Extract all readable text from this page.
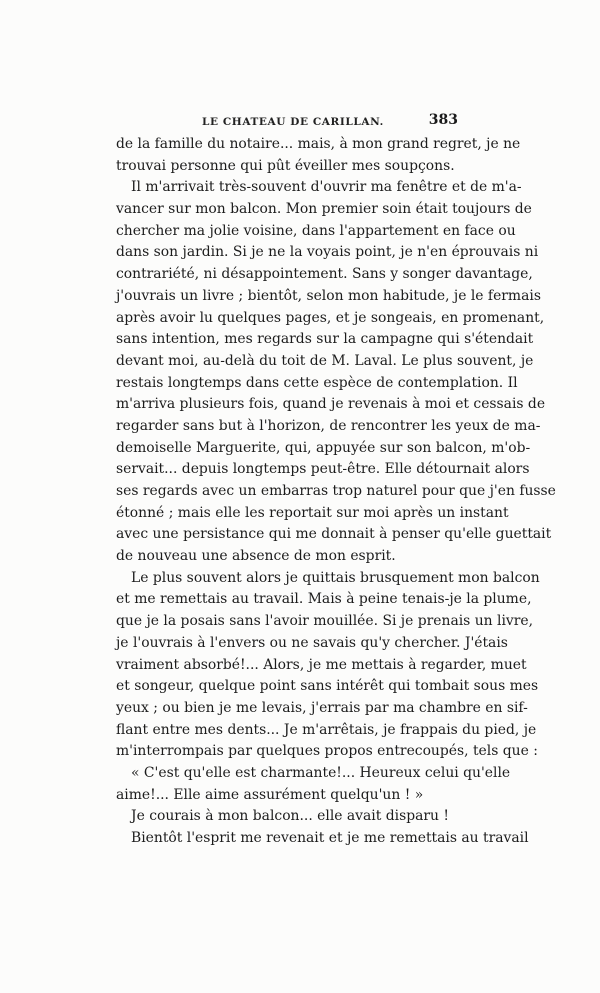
LE CHATEAU DE CARILLAN.	383
de la famille du notaire... mais, à mon grand regret, je ne
trouvai personne qui pût éveiller mes soupçons.
Il m'arrivait très-souvent d'ouvrir ma fenêtre et de m'a-
vancer sur mon balcon. Mon premier soin était toujours de
chercher ma jolie voisine, dans l'appartement en face ou
dans son jardin. Si je ne la voyais point, je n'en éprouvais ni
contrariété, ni désappointement. Sans y songer davantage,
j'ouvrais un livre ; bientôt, selon mon habitude, je le fermais
après avoir lu quelques pages, et je songeais, en promenant,
sans intention, mes regards sur la campagne qui s'étendait
devant moi, au-delà du toit de M. Laval. Le plus souvent, je
restais longtemps dans cette espèce de contemplation. Il
m'arriva plusieurs fois, quand je revenais à moi et cessais de
regarder sans but à l'horizon, de rencontrer les yeux de ma-
demoiselle Marguerite, qui, appuyée sur son balcon, m'ob-
servait... depuis longtemps peut-être. Elle détournait alors
ses regards avec un embarras trop naturel pour que j'en fusse
étonné ; mais elle les reportait sur moi après un instant
avec une persistance qui me donnait à penser qu'elle guettait
de nouveau une absence de mon esprit.
Le plus souvent alors je quittais brusquement mon balcon
et me remettais au travail. Mais à peine tenais-je la plume,
que je la posais sans l'avoir mouillée. Si je prenais un livre,
je l'ouvrais à l'envers ou ne savais qu'y chercher. J'étais
vraiment absorbé!... Alors, je me mettais à regarder, muet
et songeur, quelque point sans intérêt qui tombait sous mes
yeux ; ou bien je me levais, j'errais par ma chambre en sif-
flant entre mes dents... Je m'arrêtais, je frappais du pied, je
m'interrompais par quelques propos entrecoupés, tels que :
« C'est qu'elle est charmante!... Heureux celui qu'elle
aime!... Elle aime assurément quelqu'un ! »
Je courais à mon balcon... elle avait disparu !
Bientôt l'esprit me revenait et je me remettais au travail
